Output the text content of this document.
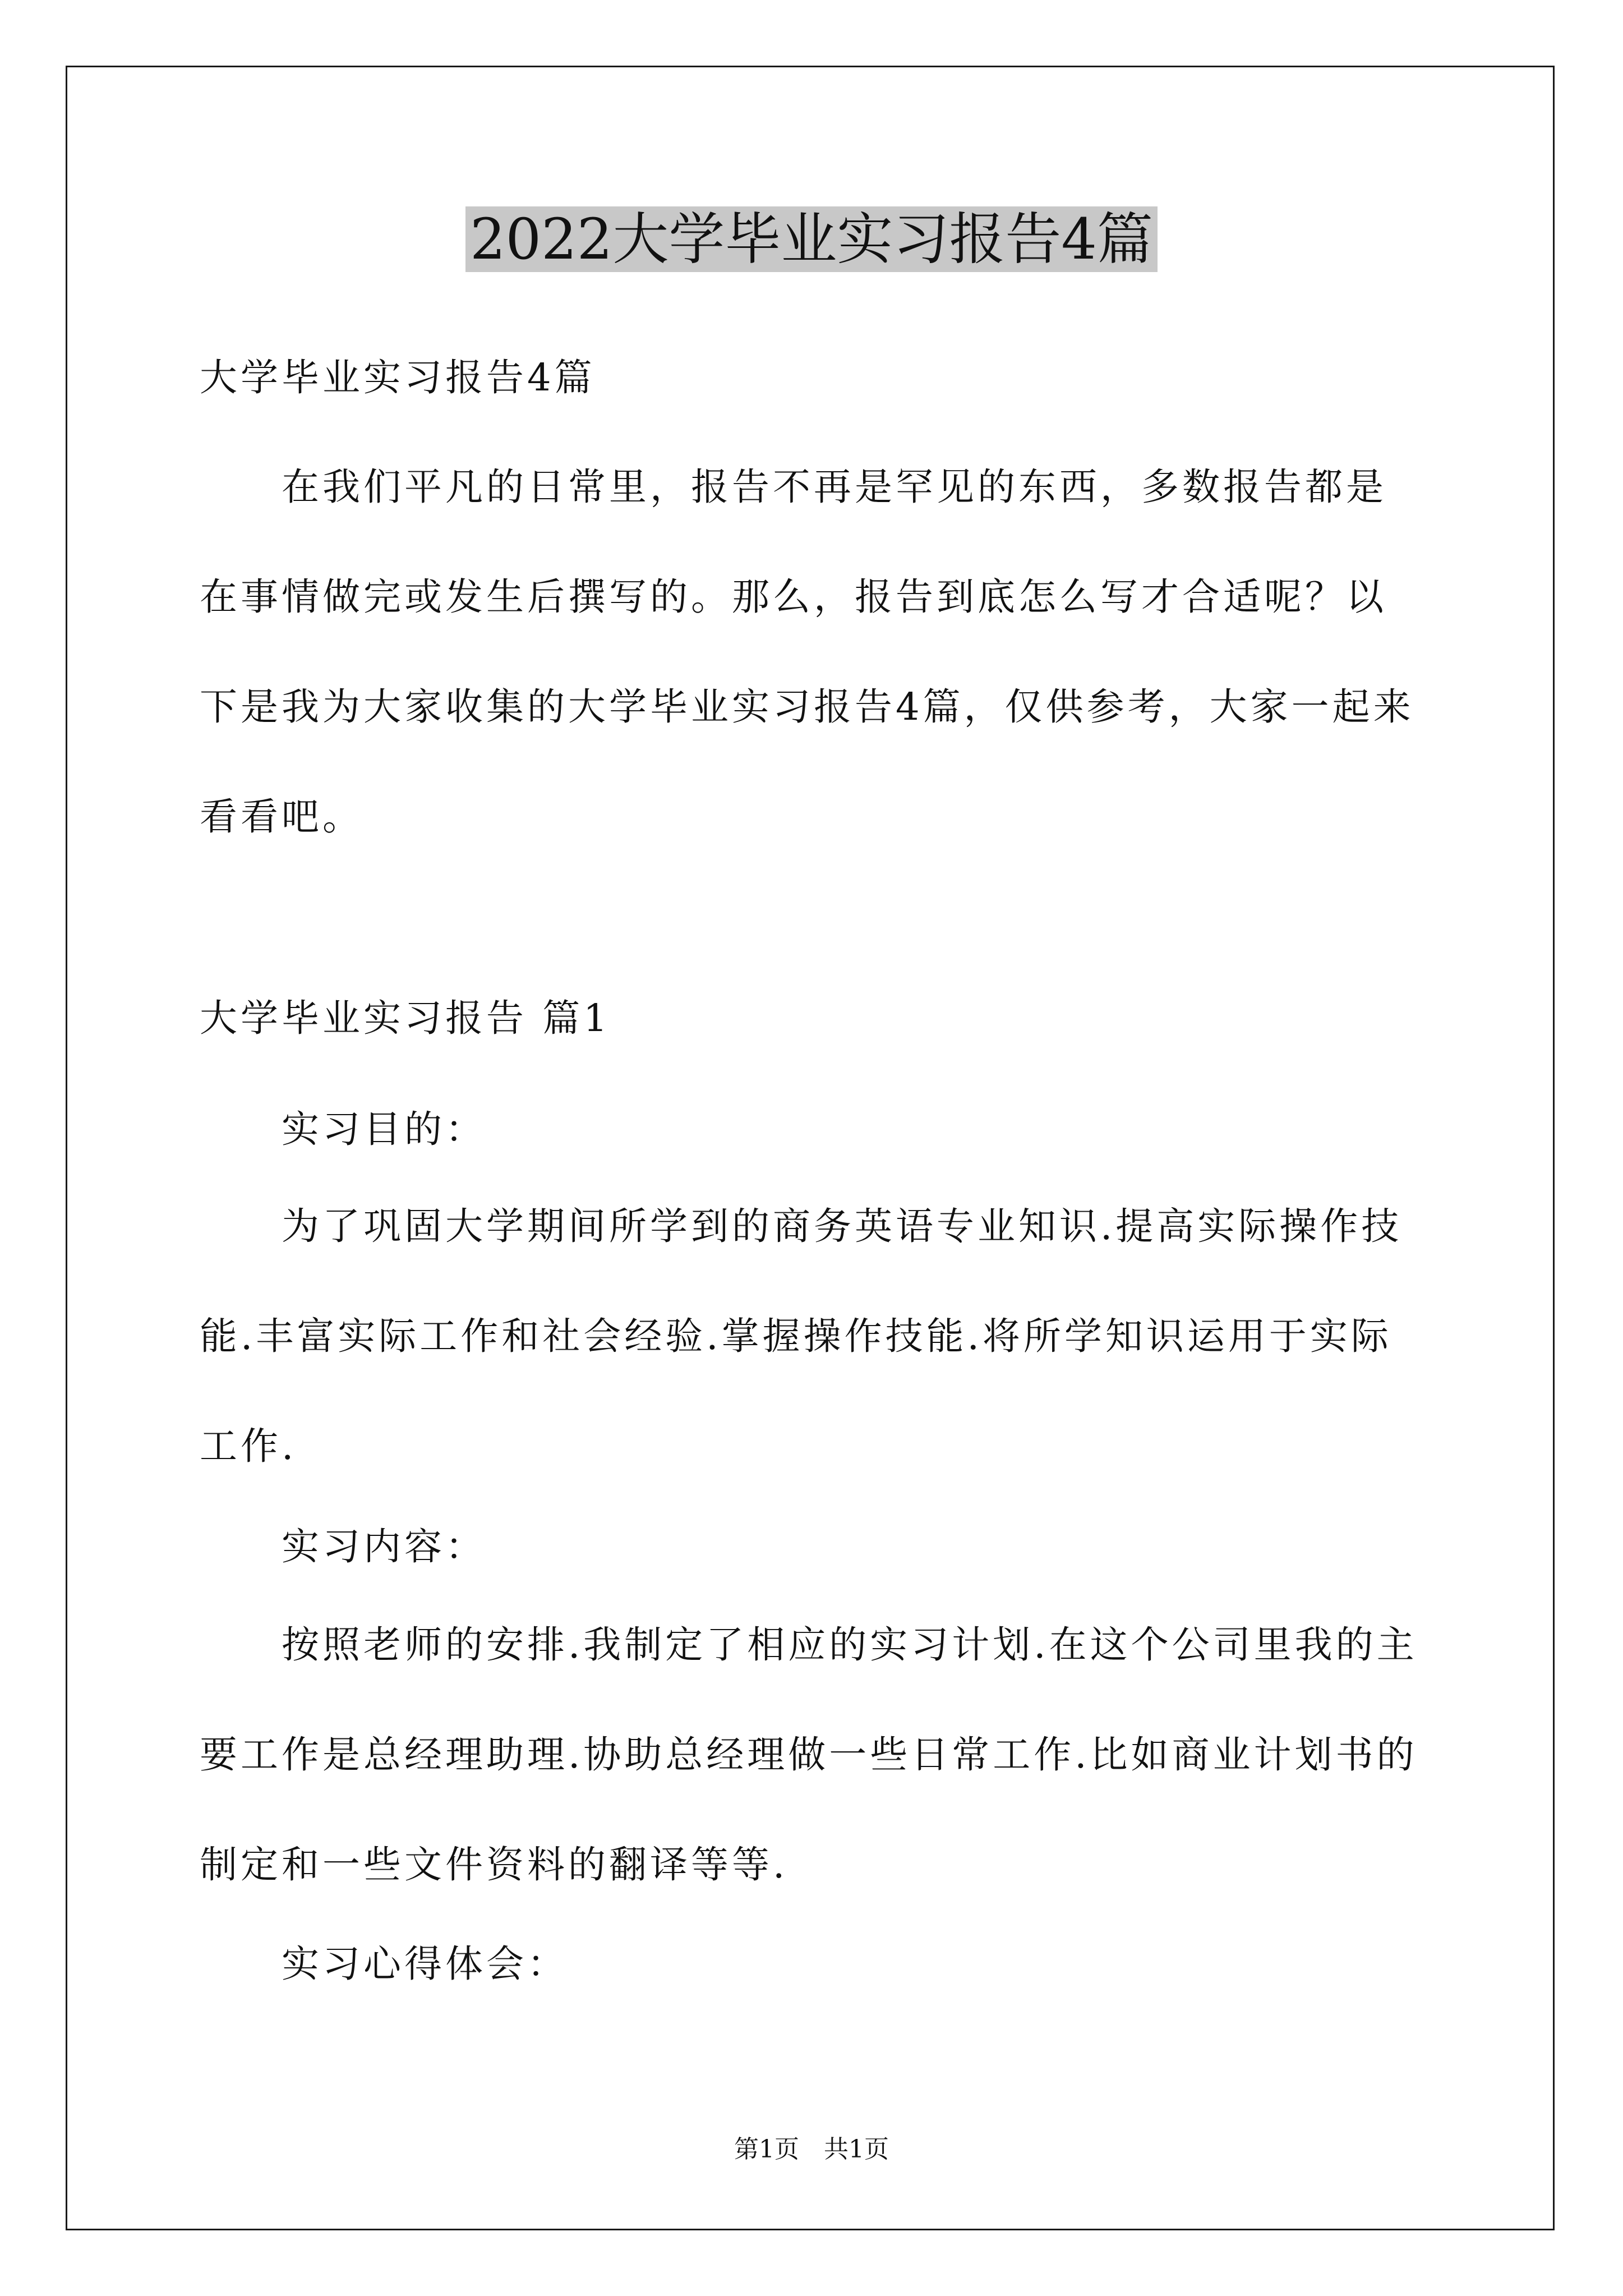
2022大学毕业实习报告4篇
大学毕业实习报告4篇

在我们平凡的日常里，报告不再是罕见的东西，多数报告都是在事情做完或发生后撰写的。那么，报告到底怎么写才合适呢？以下是我为大家收集的大学毕业实习报告4篇，仅供参考，大家一起来看看吧。

大学毕业实习报告 篇1
实习目的：

为了巩固大学期间所学到的商务英语专业知识.提高实际操作技能.丰富实际工作和社会经验.掌握操作技能.将所学知识运用于实际工作.

实习内容：

按照老师的安排.我制定了相应的实习计划.在这个公司里我的主要工作是总经理助理.协助总经理做一些日常工作.比如商业计划书的制定和一些文件资料的翻译等等.

实习心得体会：
第1页 共1页
